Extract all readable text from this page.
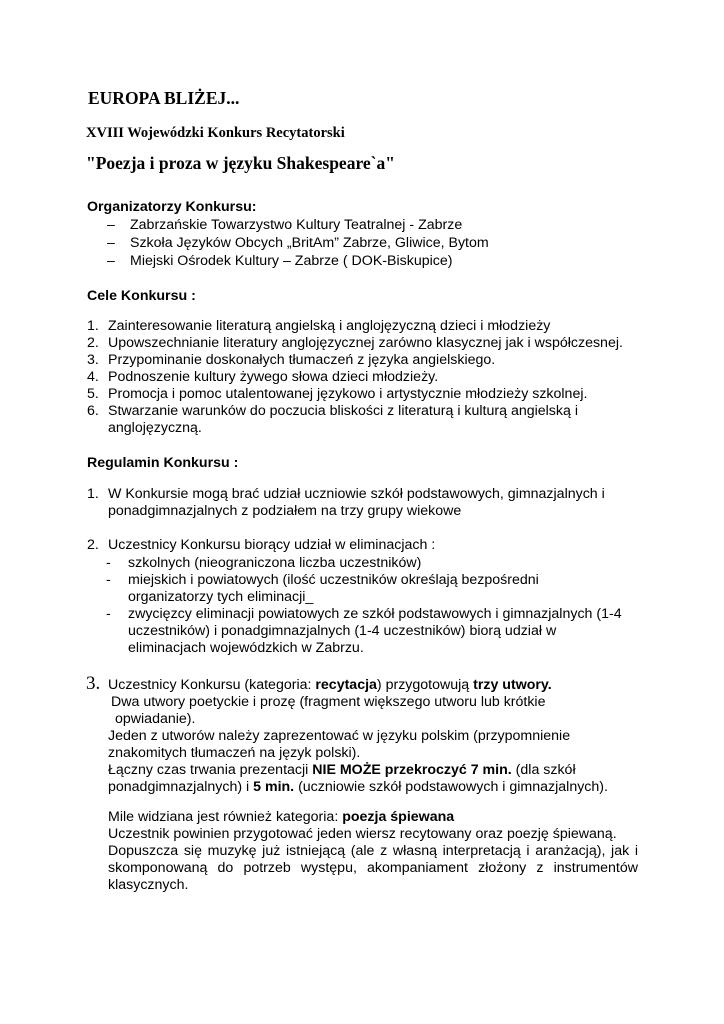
EUROPA BLIŻEJ...
XVIII Wojewódzki Konkurs Recytatorski
"Poezja i proza w języku Shakespeare`a"
Organizatorzy Konkursu:
– Zabrzańskie Towarzystwo Kultury Teatralnej - Zabrze
– Szkoła Języków Obcych „BritAm” Zabrze, Gliwice, Bytom
– Miejski Ośrodek Kultury – Zabrze ( DOK-Biskupice)
Cele Konkursu :
1. Zainteresowanie literaturą angielską i anglojęzyczną dzieci i młodzieży
2. Upowszechnianie literatury anglojęzycznej zarówno klasycznej jak i współczesnej.
3. Przypominanie doskonałych tłumaczeń z języka angielskiego.
4. Podnoszenie kultury żywego słowa dzieci młodzieży.
5. Promocja i pomoc utalentowanej językowo i artystycznie młodzieży szkolnej.
6. Stwarzanie warunków do poczucia bliskości z literaturą i kulturą angielską i
anglojęzyczną.
Regulamin Konkursu :
1. W Konkursie mogą brać udział uczniowie szkół podstawowych, gimnazjalnych i
ponadgimnazjalnych z podziałem na trzy grupy wiekowe
2. Uczestnicy Konkursu biorący udział w eliminacjach :
- szkolnych (nieograniczona liczba uczestników)
- miejskich i powiatowych (ilość uczestników określają bezpośredni
organizatorzy tych eliminacji_
- zwycięzcy eliminacji powiatowych ze szkół podstawowych i gimnazjalnych (1-4
uczestników) i ponadgimnazjalnych (1-4 uczestników) biorą udział w
eliminacjach wojewódzkich w Zabrzu.
3. Uczestnicy Konkursu (kategoria: recytacja) przygotowują trzy utwory.
Dwa utwory poetyckie i prozę (fragment większego utworu lub krótkie
opwiadanie).
Jeden z utworów należy zaprezentować w języku polskim (przypomnienie
znakomitych tłumaczeń na język polski).
Łączny czas trwania prezentacji NIE MOŻE przekroczyć 7 min. (dla szkół
ponadgimnazjalnych) i 5 min. (uczniowie szkół podstawowych i gimnazjalnych).
Mile widziana jest również kategoria: poezja śpiewana
Uczestnik powinien przygotować jeden wiersz recytowany oraz poezję śpiewaną.
Dopuszcza się muzykę już istniejącą (ale z własną interpretacją i aranżacją), jak i
skomponowaną do potrzeb występu, akompaniament złożony z instrumentów
klasycznych.
